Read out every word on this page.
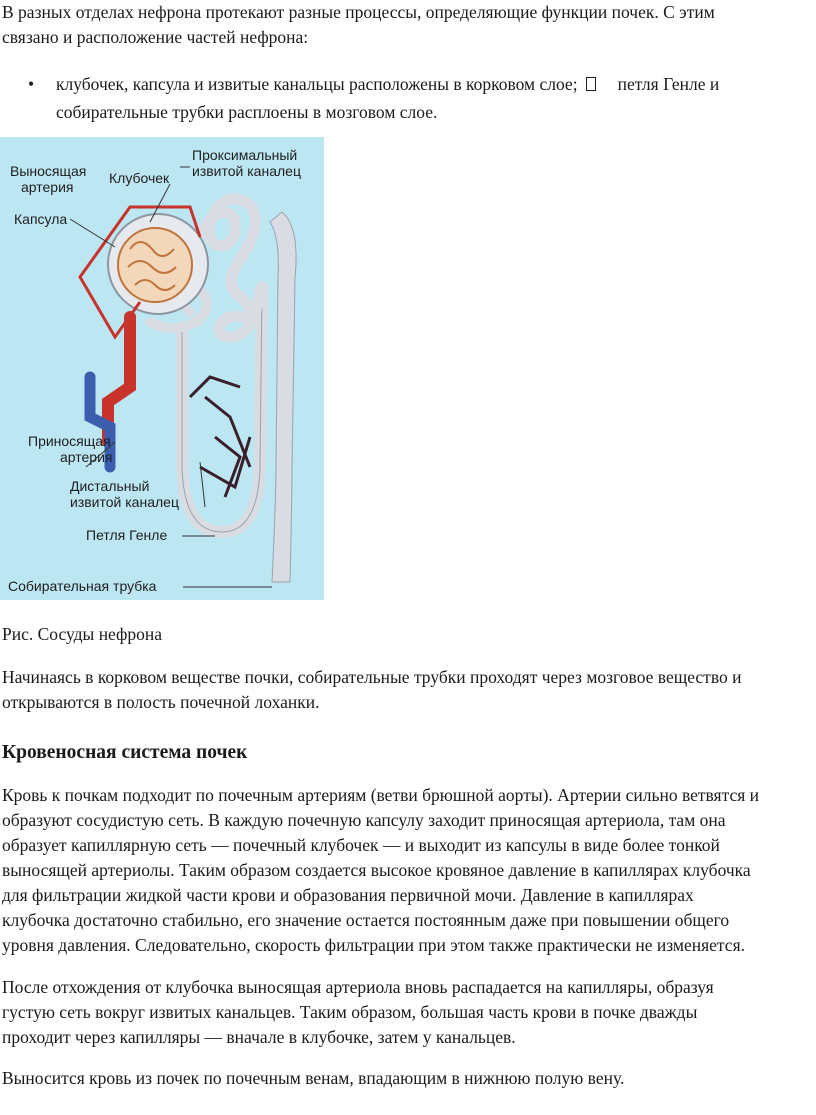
В разных отделах нефрона протекают разные процессы, определяющие функции почек. С этим

связано и расположение частей нефрона:

• клубочек, капсула и извитые канальцы расположены в корковом слое; петля Генле и
собирательные трубки расплоены в мозговом слое.
Выносящая
артерия
Клубочек
Проксимальный
извитой каналец
Капсула
Приносящая
артерия
Дистальный
извитой каналец
Петля Генле
Собирательная трубка

Рис. Сосуды нефрона

Начинаясь в корковом веществе почки, собирательные трубки проходят через мозговое вещество и

открываются в полость почечной лоханки.

Кровеносная система почек

Кровь к почкам подходит по почечным артериям (ветви брюшной аорты). Артерии сильно ветвятся и

образуют сосудистую сеть. В каждую почечную капсулу заходит приносящая артериола, там она

образует капиллярную сеть — почечный клубочек — и выходит из капсулы в виде более тонкой

выносящей артериолы. Таким образом создается высокое кровяное давление в капиллярах клубочка

для фильтрации жидкой части крови и образования первичной мочи. Давление в капиллярах

клубочка достаточно стабильно, его значение остается постоянным даже при повышении общего

уровня давления. Следовательно, скорость фильтрации при этом также практически не изменяется.

После отхождения от клубочка выносящая артериола вновь распадается на капилляры, образуя

густую сеть вокруг извитых канальцев. Таким образом, большая часть крови в почке дважды

проходит через капилляры — вначале в клубочке, затем у канальцев.

Выносится кровь из почек по почечным венам, впадающим в нижнюю полую вену.
